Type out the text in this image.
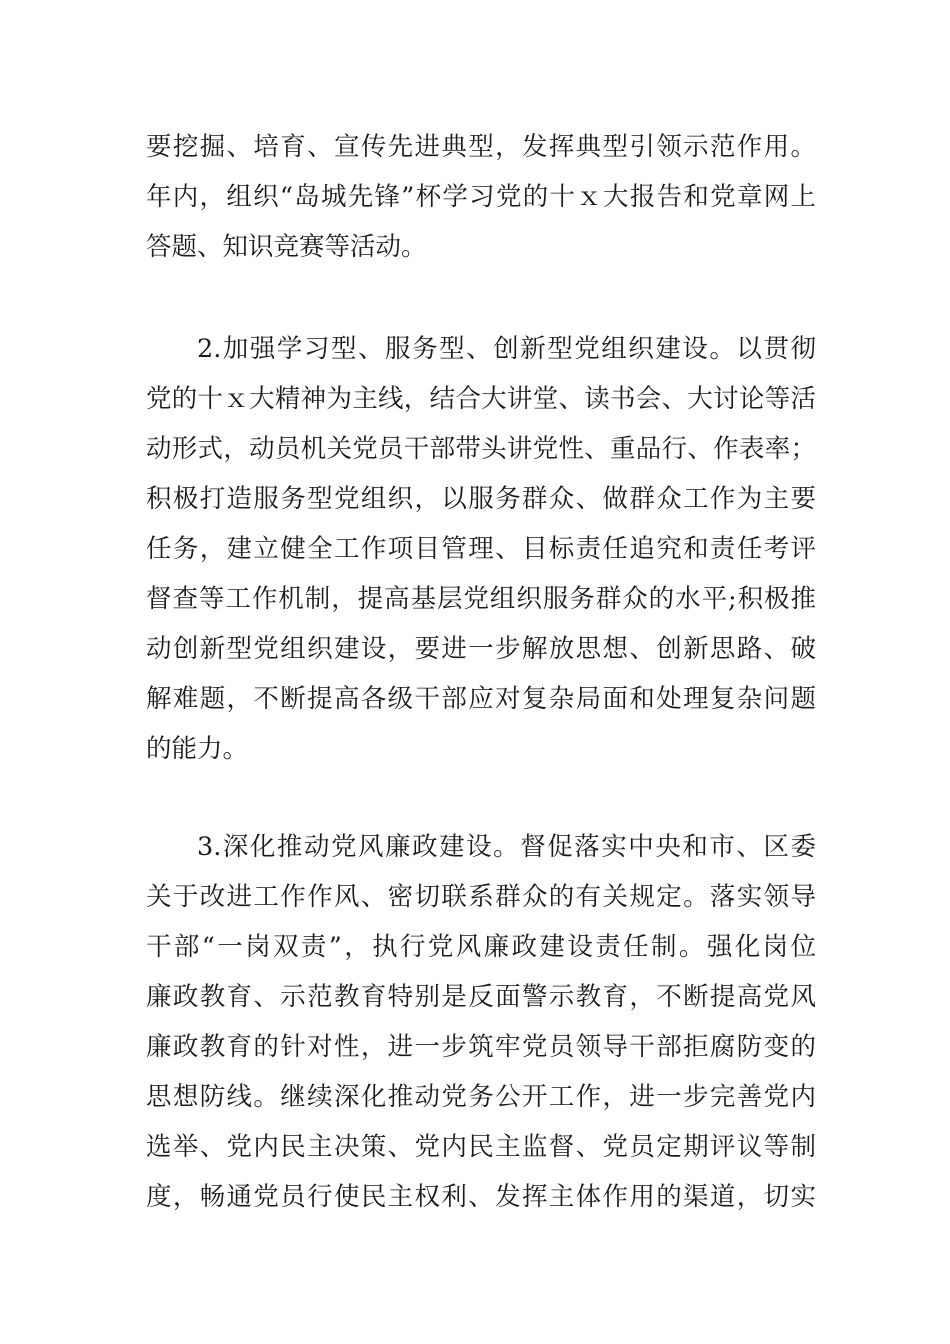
要挖掘、培育、宣传先进典型，发挥典型引领示范作用。
年内，组织“岛城先锋”杯学习党的十ｘ大报告和党章网上
答题、知识竞赛等活动。
2.加强学习型、服务型、创新型党组织建设。以贯彻
党的十ｘ大精神为主线，结合大讲堂、读书会、大讨论等活
动形式，动员机关党员干部带头讲党性、重品行、作表率；
积极打造服务型党组织，以服务群众、做群众工作为主要
任务，建立健全工作项目管理、目标责任追究和责任考评
督查等工作机制，提高基层党组织服务群众的水平;积极推
动创新型党组织建设，要进一步解放思想、创新思路、破
解难题，不断提高各级干部应对复杂局面和处理复杂问题
的能力。
3.深化推动党风廉政建设。督促落实中央和市、区委
关于改进工作作风、密切联系群众的有关规定。落实领导
干部“一岗双责”，执行党风廉政建设责任制。强化岗位
廉政教育、示范教育特别是反面警示教育，不断提高党风
廉政教育的针对性，进一步筑牢党员领导干部拒腐防变的
思想防线。继续深化推动党务公开工作，进一步完善党内
选举、党内民主决策、党内民主监督、党员定期评议等制
度，畅通党员行使民主权利、发挥主体作用的渠道，切实
